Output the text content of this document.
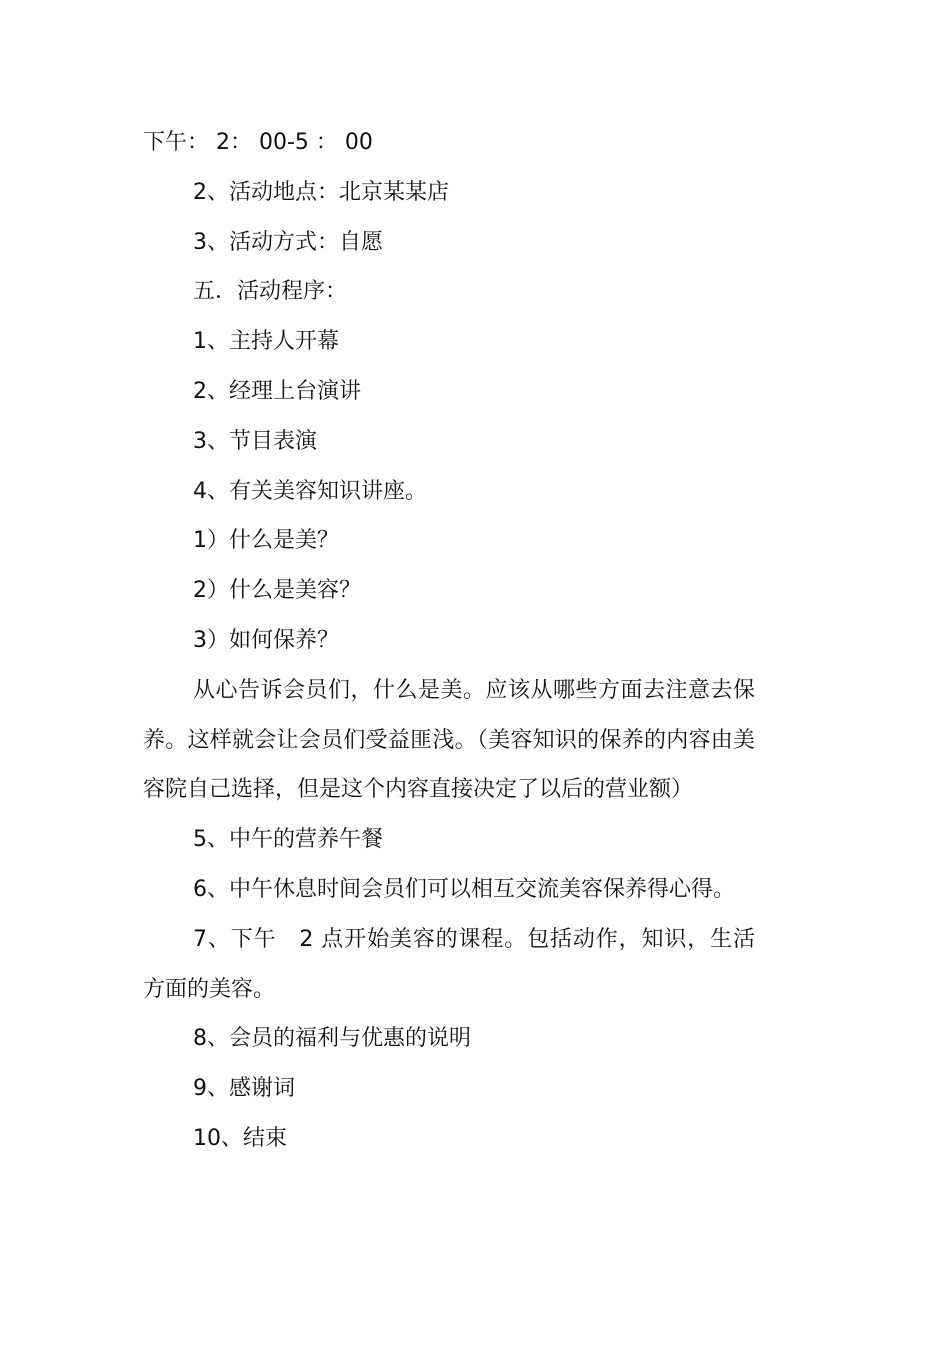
下午： 2： 00-5 ： 00

2、活动地点：北京某某店

3、活动方式：自愿

五．活动程序：

1、主持人开幕

2、经理上台演讲

3、节目表演

4、有关美容知识讲座。

1）什么是美？

2）什么是美容？

3）如何保养？

从心告诉会员们，什么是美。应该从哪些方面去注意去保养。这样就会让会员们受益匪浅。（美容知识的保养的内容由美容院自己选择，但是这个内容直接决定了以后的营业额）

5、中午的营养午餐

6、中午休息时间会员们可以相互交流美容保养得心得。

7、下午　2 点开始美容的课程。包括动作，知识，生活方面的美容。

8、会员的福利与优惠的说明

9、感谢词

10、结束
